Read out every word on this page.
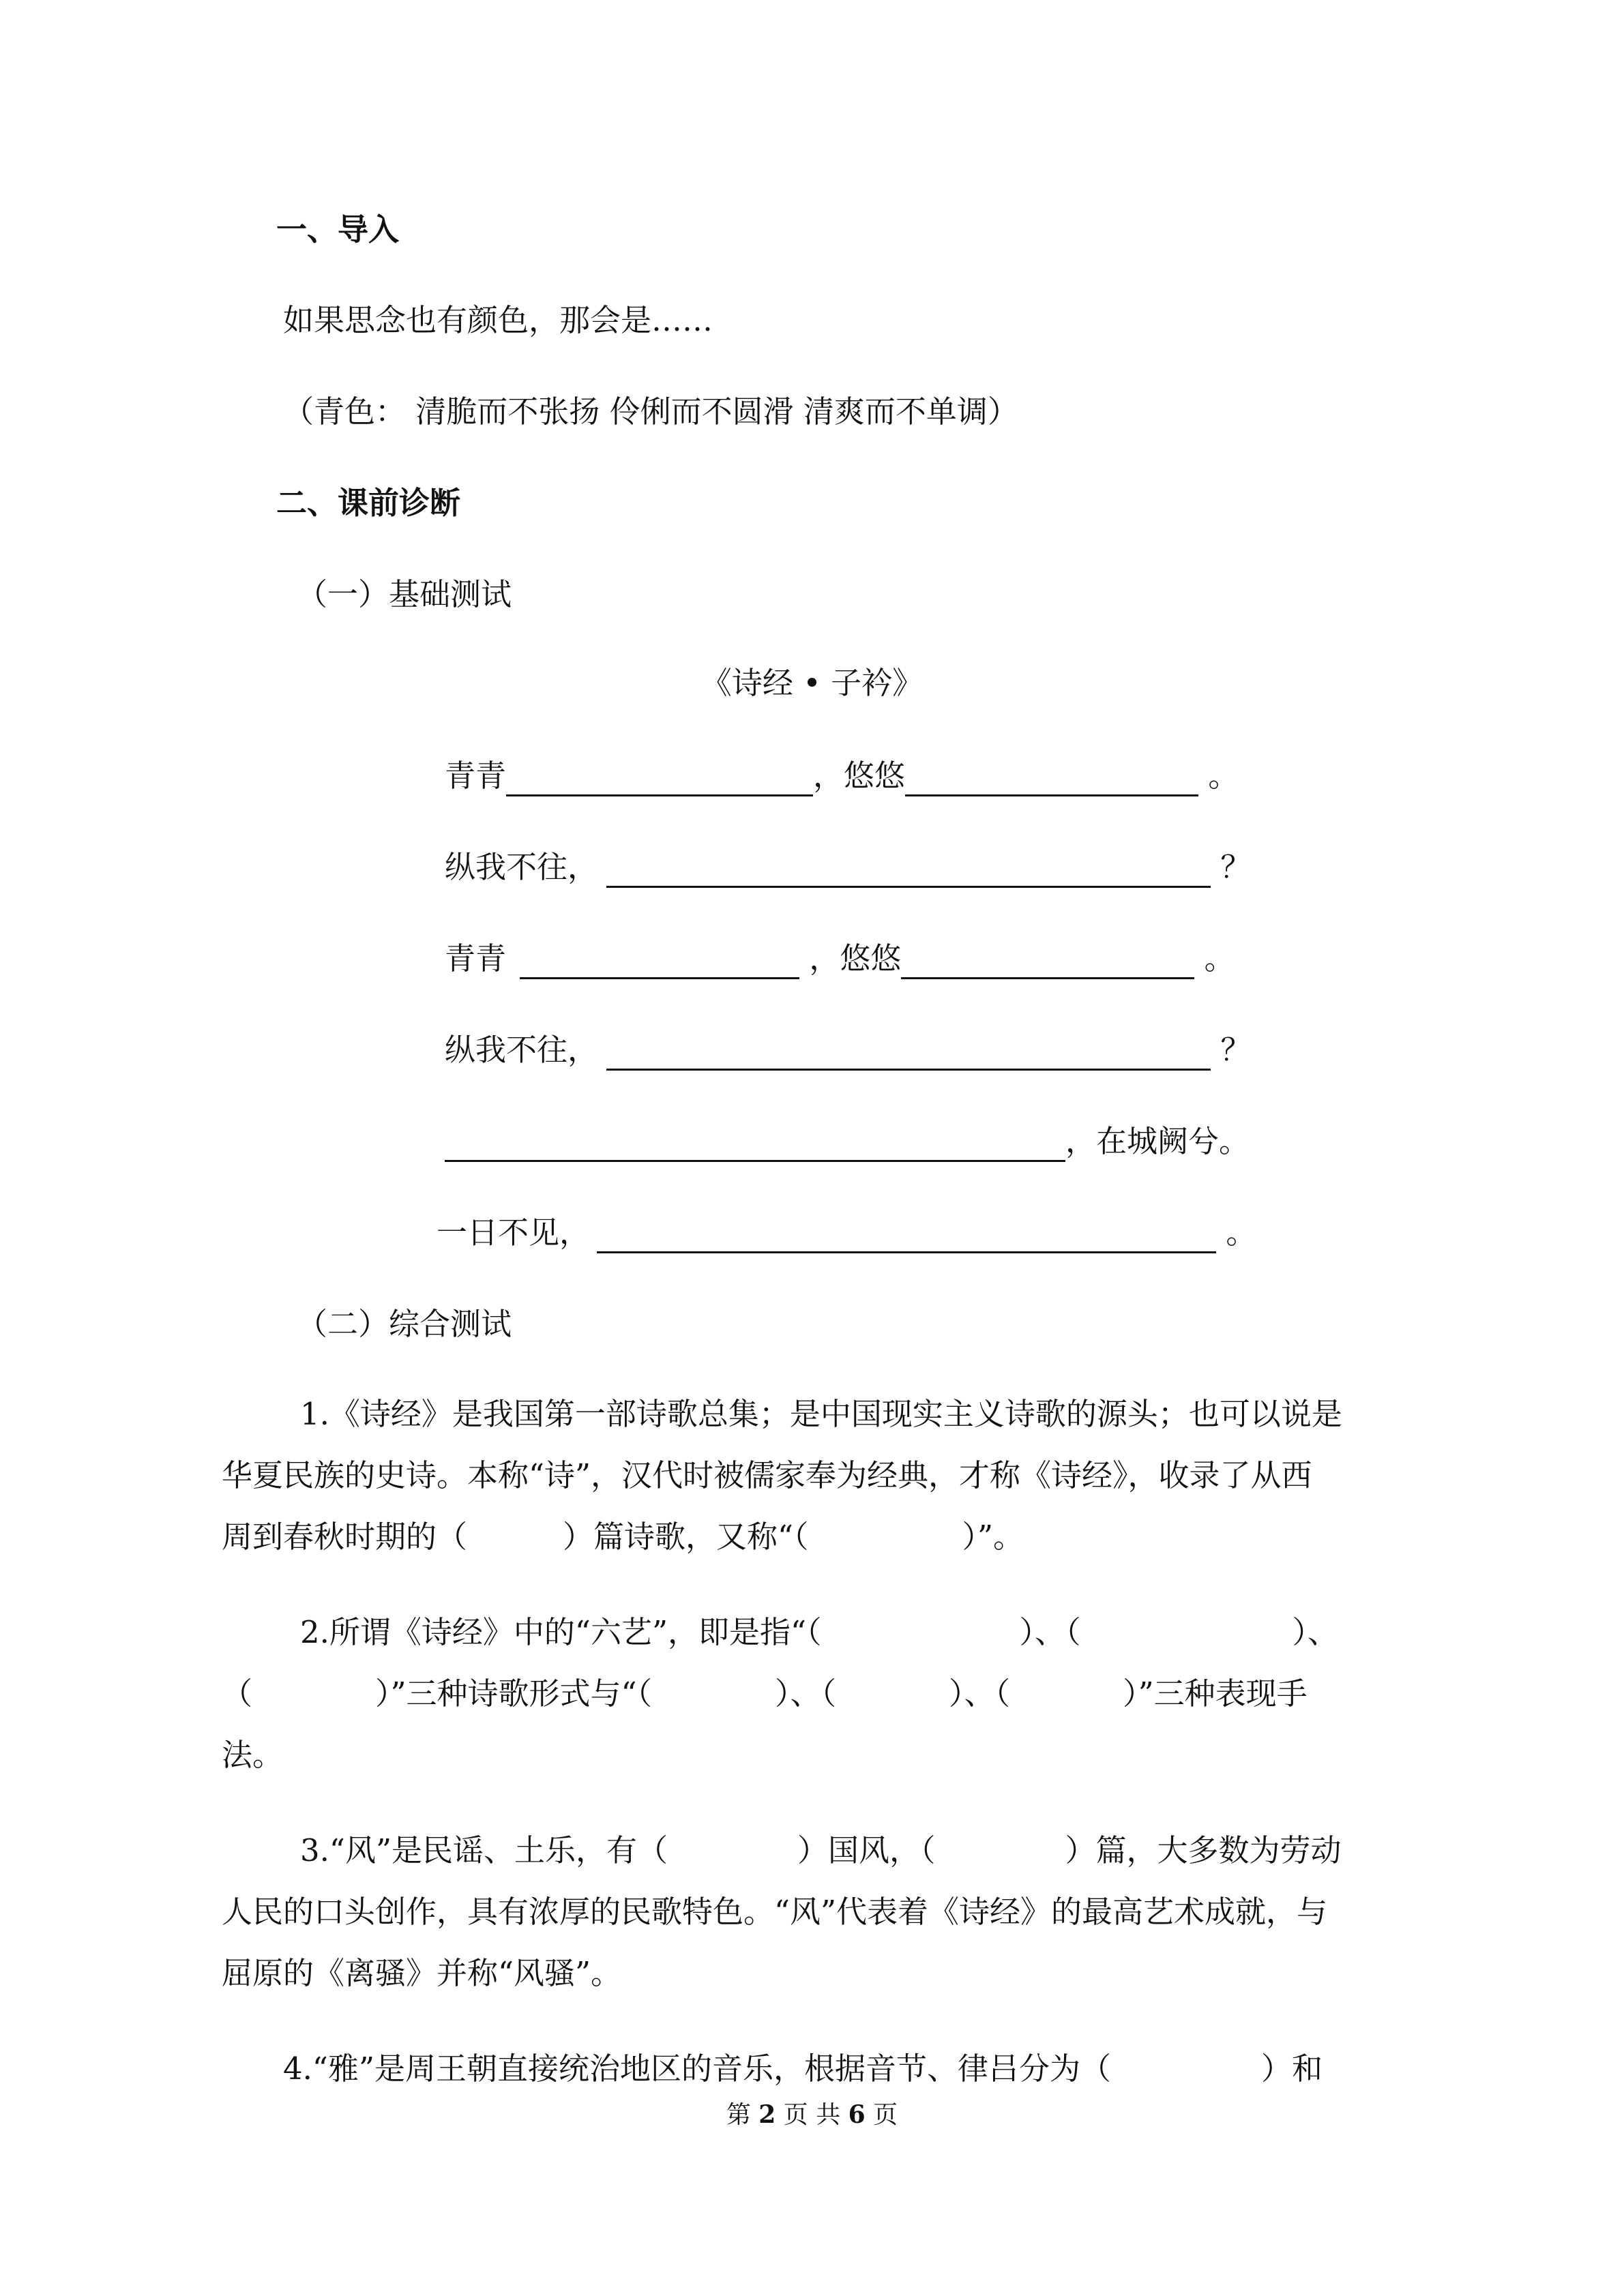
一、导入
如果思念也有颜色，那会是……
（青色： 清脆而不张扬 伶俐而不圆滑 清爽而不单调）
二、课前诊断
（一）基础测试
《诗经 • 子衿》
青青	，悠悠	。
纵我不往，	？
青青	，悠悠	。
纵我不往，	？
，在城阙兮。
一日不见，	。
（二）综合测试
1.《诗经》是我国第一部诗歌总集；是中国现实主义诗歌的源头；也可以说是
华夏民族的史诗。本称“诗”，汉代时被儒家奉为经典，才称《诗经》，收录了从西
周到春秋时期的（	）篇诗歌，又称“（	）”。
2.所谓《诗经》中的“六艺”，即是指“（	）、（	）、
（	）”三种诗歌形式与“（	）、（	）、（	）”三种表现手
法。
3.“风”是民谣、土乐，有（	）国风，（	）篇，大多数为劳动
人民的口头创作，具有浓厚的民歌特色。“风”代表着《诗经》的最高艺术成就，与
屈原的《离骚》并称“风骚”。
4.“雅”是周王朝直接统治地区的音乐，根据音节、律吕分为（	）和
第 2 页 共 6 页
